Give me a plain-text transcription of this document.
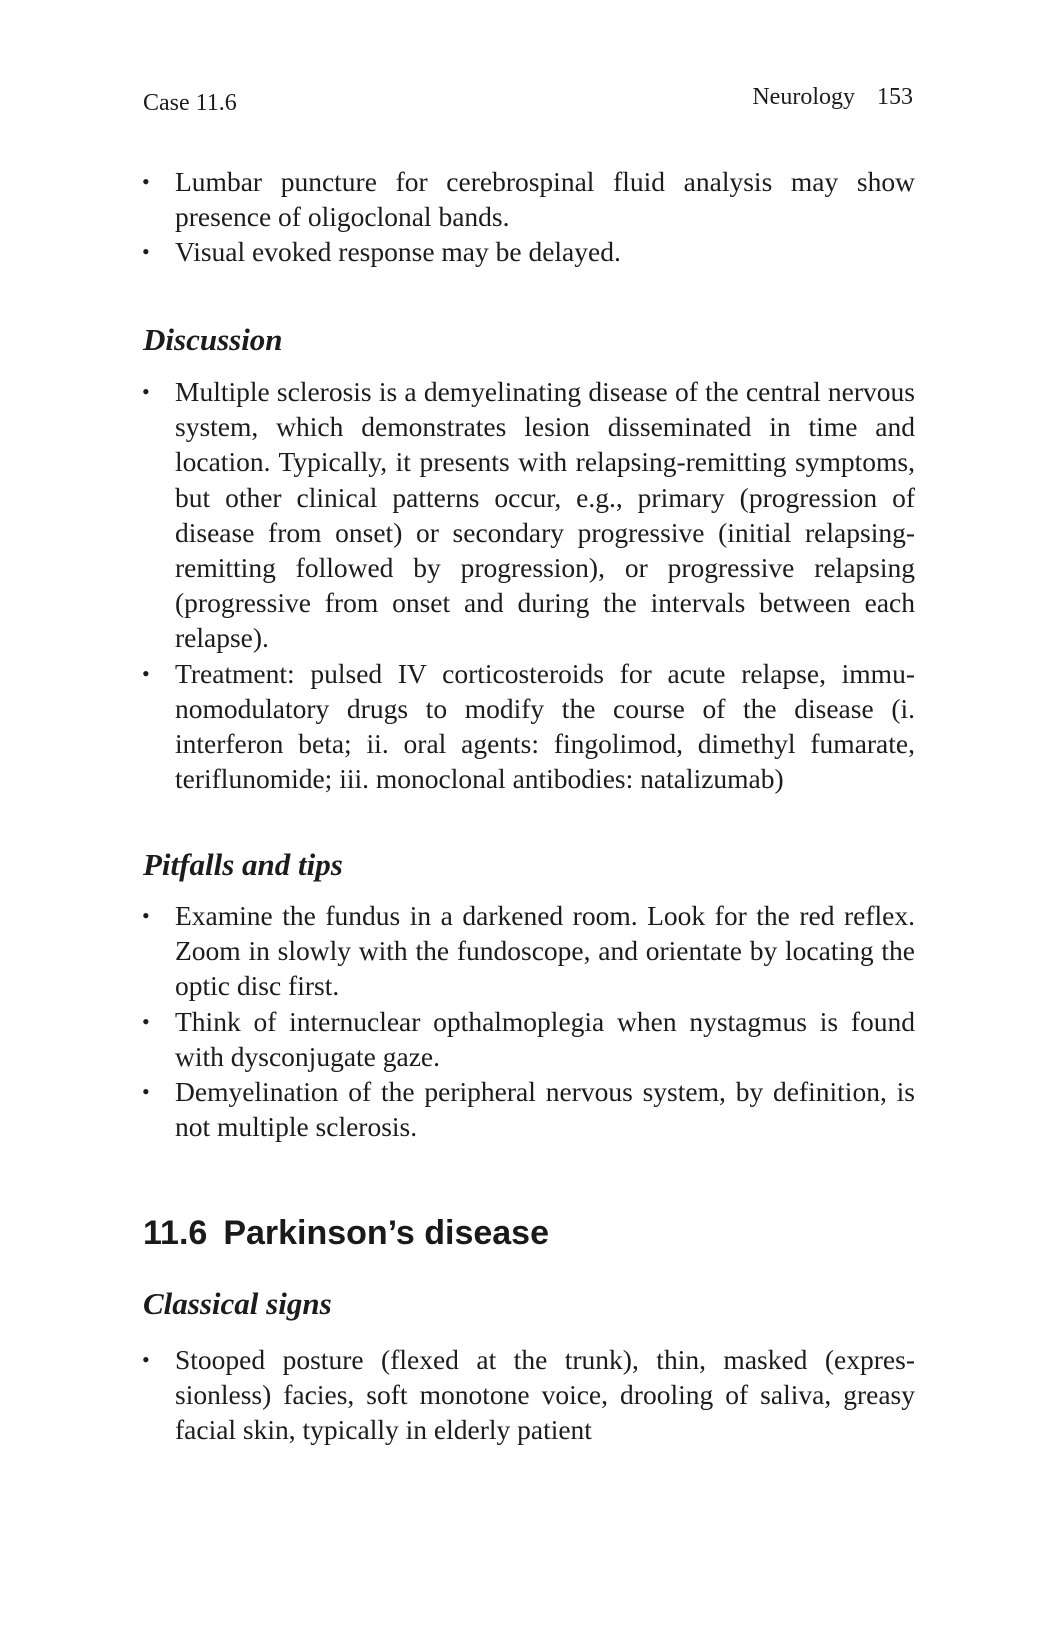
Case 11.6	Neurology 153
• Lumbar puncture for cerebrospinal fluid analysis may show presence of oligoclonal bands.
• Visual evoked response may be delayed.
Discussion
• Multiple sclerosis is a demyelinating disease of the central nervous system, which demonstrates lesion disseminated in time and location. Typically, it presents with relapsing-remitting symptoms, but other clinical patterns occur, e.g., primary (progression of disease from onset) or secondary progressive (initial relapsing-remitting followed by progression), or progressive relapsing (progressive from onset and during the intervals between each relapse).
• Treatment: pulsed IV corticosteroids for acute relapse, immunomodulatory drugs to modify the course of the disease (i. interferon beta; ii. oral agents: fingolimod, dimethyl fumarate, teriflunomide; iii. monoclonal antibodies: natalizumab)
Pitfalls and tips
• Examine the fundus in a darkened room. Look for the red reflex. Zoom in slowly with the fundoscope, and orientate by locating the optic disc first.
• Think of internuclear opthalmoplegia when nystagmus is found with dysconjugate gaze.
• Demyelination of the peripheral nervous system, by definition, is not multiple sclerosis.
11.6 Parkinson’s disease
Classical signs
• Stooped posture (flexed at the trunk), thin, masked (expressionless) facies, soft monotone voice, drooling of saliva, greasy facial skin, typically in elderly patient
